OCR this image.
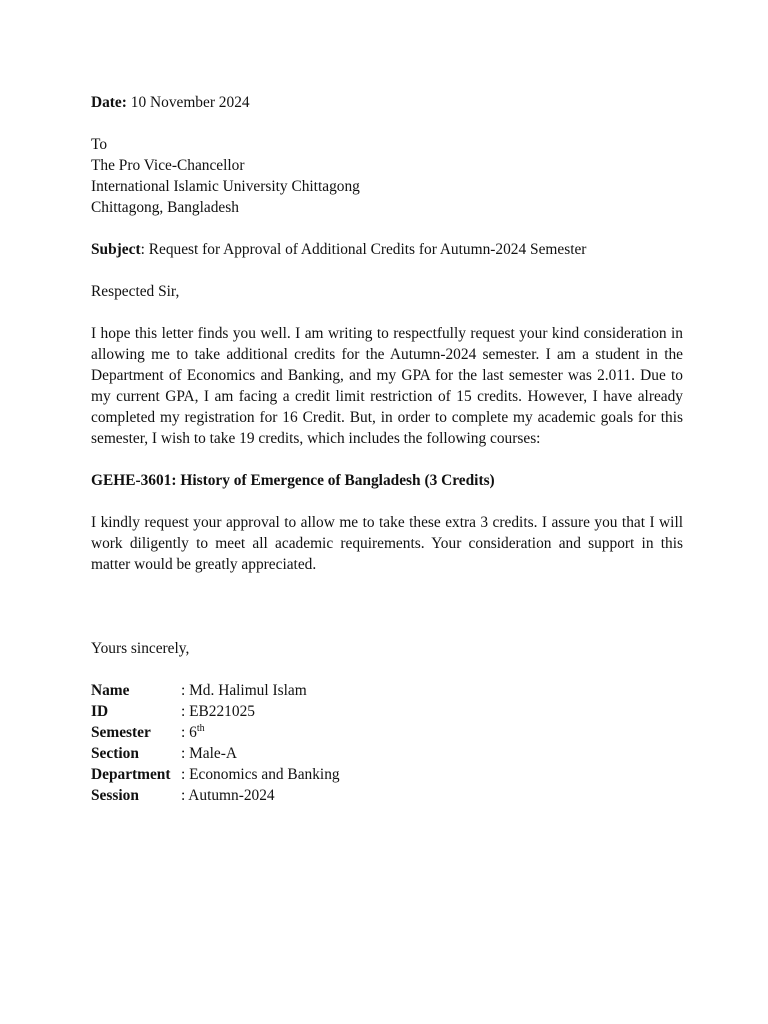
Date: 10 November 2024
To
The Pro Vice-Chancellor
International Islamic University Chittagong
Chittagong, Bangladesh
Subject: Request for Approval of Additional Credits for Autumn-2024 Semester
Respected Sir,

I hope this letter finds you well. I am writing to respectfully request your kind consideration in allowing me to take additional credits for the Autumn-2024 semester. I am a student in the Department of Economics and Banking, and my GPA for the last semester was 2.011. Due to my current GPA, I am facing a credit limit restriction of 15 credits. However, I have already completed my registration for 16 Credit. But, in order to complete my academic goals for this semester, I wish to take 19 credits, which includes the following courses:

GEHE-3601: History of Emergence of Bangladesh (3 Credits)

I kindly request your approval to allow me to take these extra 3 credits. I assure you that I will work diligently to meet all academic requirements. Your consideration and support in this matter would be greatly appreciated.

Yours sincerely,
Name	: Md. Halimul Islam
ID	: EB221025
Semester	: 6th
Section	: Male-A
Department	: Economics and Banking
Session	: Autumn-2024
